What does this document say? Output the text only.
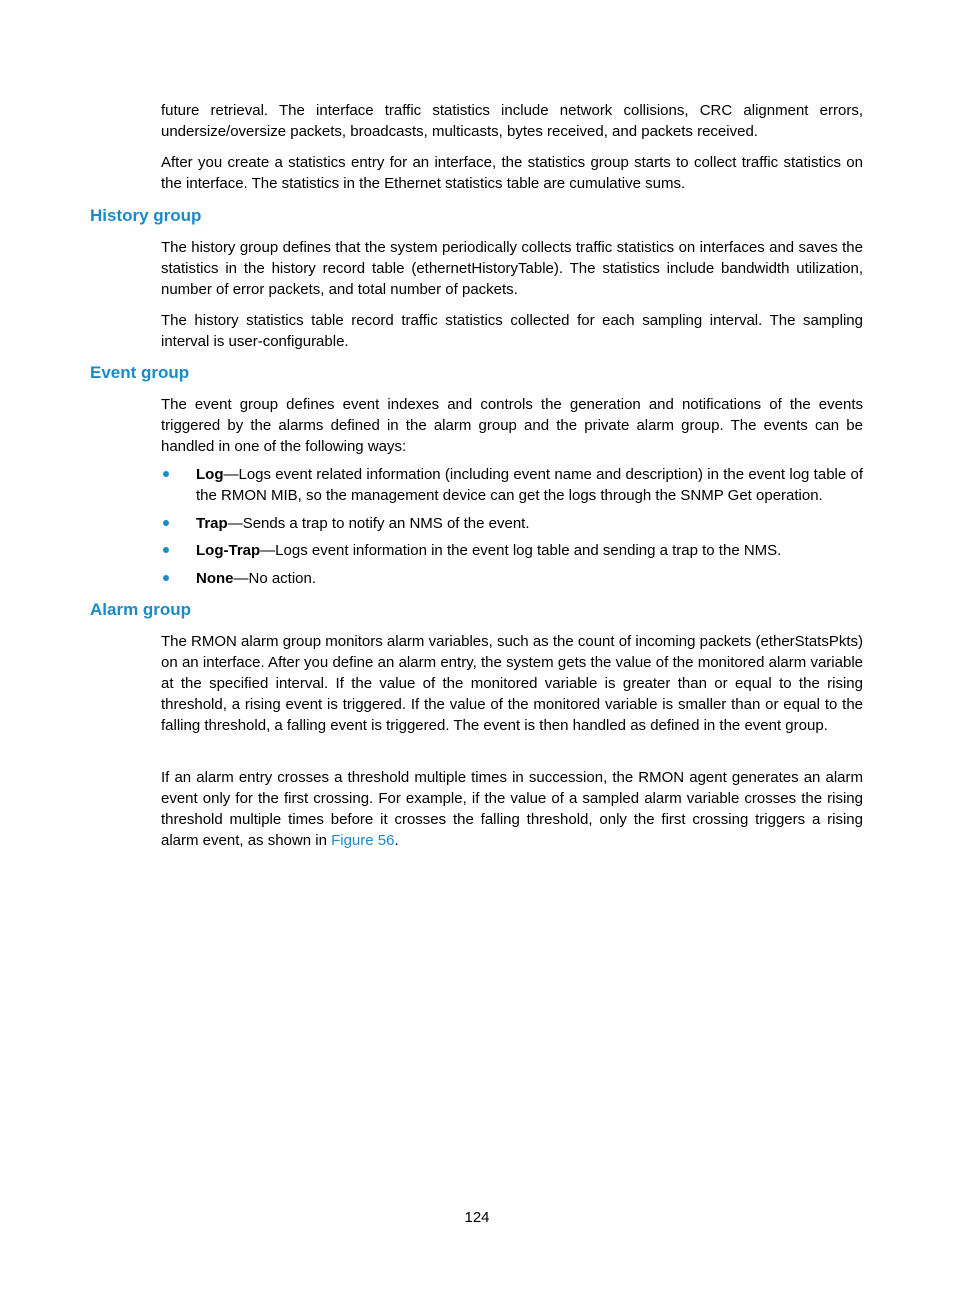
future retrieval. The interface traffic statistics include network collisions, CRC alignment errors, undersize/oversize packets, broadcasts, multicasts, bytes received, and packets received.

After you create a statistics entry for an interface, the statistics group starts to collect traffic statistics on the interface. The statistics in the Ethernet statistics table are cumulative sums.

History group

The history group defines that the system periodically collects traffic statistics on interfaces and saves the statistics in the history record table (ethernetHistoryTable). The statistics include bandwidth utilization, number of error packets, and total number of packets.

The history statistics table record traffic statistics collected for each sampling interval. The sampling interval is user-configurable.

Event group

The event group defines event indexes and controls the generation and notifications of the events triggered by the alarms defined in the alarm group and the private alarm group. The events can be handled in one of the following ways:

Log—Logs event related information (including event name and description) in the event log table of the RMON MIB, so the management device can get the logs through the SNMP Get operation.
Trap—Sends a trap to notify an NMS of the event.
Log-Trap—Logs event information in the event log table and sending a trap to the NMS.
None—No action.
Alarm group

The RMON alarm group monitors alarm variables, such as the count of incoming packets (etherStatsPkts) on an interface. After you define an alarm entry, the system gets the value of the monitored alarm variable at the specified interval. If the value of the monitored variable is greater than or equal to the rising threshold, a rising event is triggered. If the value of the monitored variable is smaller than or equal to the falling threshold, a falling event is triggered. The event is then handled as defined in the event group.

If an alarm entry crosses a threshold multiple times in succession, the RMON agent generates an alarm event only for the first crossing. For example, if the value of a sampled alarm variable crosses the rising threshold multiple times before it crosses the falling threshold, only the first crossing triggers a rising alarm event, as shown in Figure 56.

124
